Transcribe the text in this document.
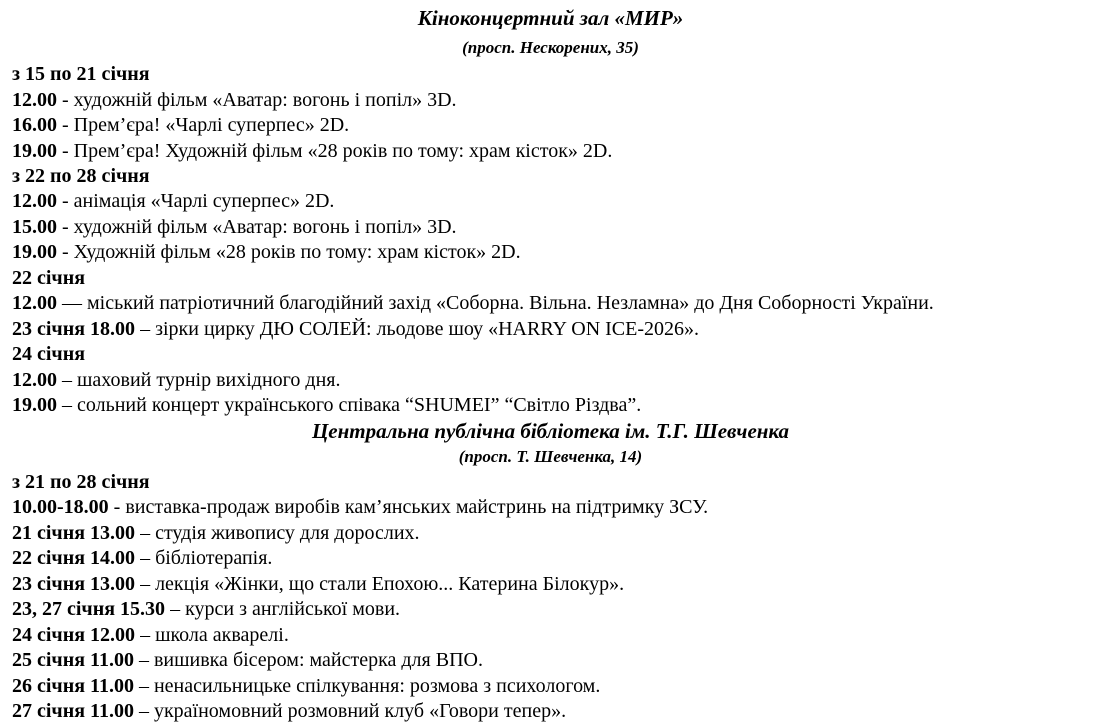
Кіноконцертний зал «МИР»
(просп. Нескорених, 35)
з 15 по 21 січня
12.00 - художній фільм «Аватар: вогонь і попіл» 3D.
16.00 - Прем’єра! «Чарлі суперпес» 2D.
19.00 - Прем’єра! Художній фільм «28 років по тому: храм кісток» 2D.
з 22 по 28 січня
12.00 - анімація «Чарлі суперпес» 2D.
15.00 - художній фільм «Аватар: вогонь і попіл» 3D.
19.00 - Художній фільм «28 років по тому: храм кісток» 2D.
22 січня
12.00 — міський патріотичний благодійний захід «Соборна. Вільна. Незламна» до Дня Соборності України.
23 січня 18.00 – зірки цирку ДЮ СОЛЕЙ: льодове шоу «HARRY ON ICE-2026».
24 січня
12.00 – шаховий турнір вихідного дня.
19.00 – сольний концерт українського співака “SHUMEI” “Світло Різдва”.
Центральна публічна бібліотека ім. Т.Г. Шевченка
(просп. Т. Шевченка, 14)
з 21 по 28 січня
10.00-18.00 - виставка-продаж виробів кам’янських майстринь на підтримку ЗСУ.
21 січня 13.00 – студія живопису для дорослих.
22 січня 14.00 – бібліотерапія.
23 січня 13.00 – лекція «Жінки, що стали Епохою... Катерина Білокур».
23, 27 січня 15.30 – курси з англійської мови.
24 січня 12.00 – школа акварелі.
25 січня 11.00 – вишивка бісером: майстерка для ВПО.
26 січня 11.00 – ненасильницьке спілкування: розмова з психологом.
27 січня 11.00 – україномовний розмовний клуб «Говори тепер».
